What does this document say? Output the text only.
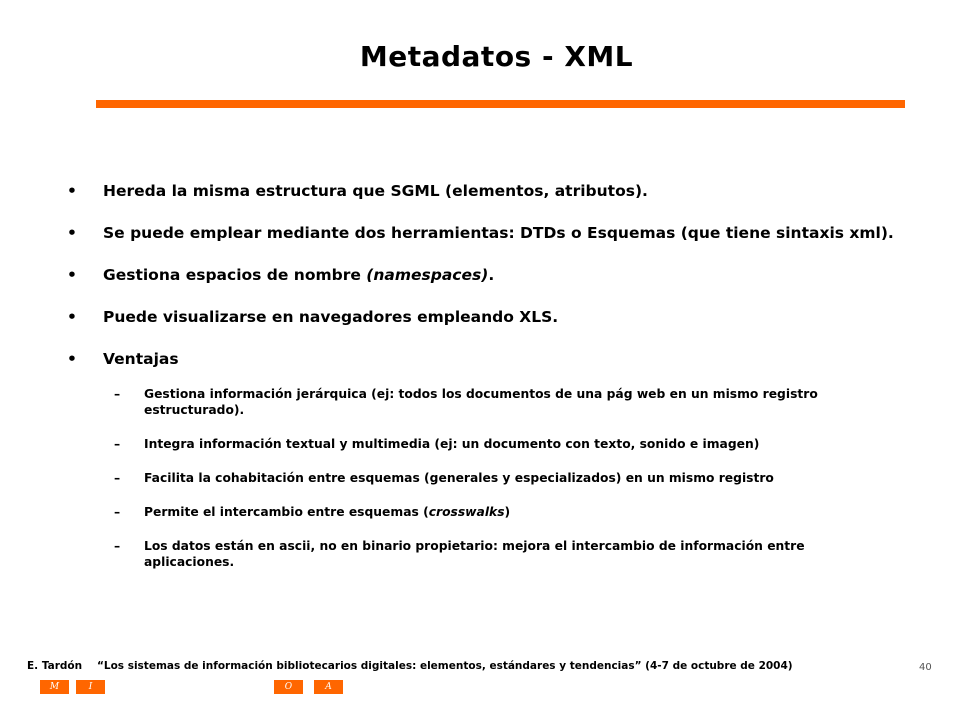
Metadatos - XML
• Hereda la misma estructura que SGML (elementos, atributos).
• Se puede emplear mediante dos herramientas: DTDs o Esquemas (que tiene sintaxis xml).
• Gestiona espacios de nombre (namespaces).
• Puede visualizarse en navegadores empleando XLS.
• Ventajas
– Gestiona información jerárquica (ej: todos los documentos de una pág web en un mismo registro estructurado).
– Integra información textual y multimedia (ej: un documento con texto, sonido e imagen)
– Facilita la cohabitación entre esquemas (generales y especializados) en un mismo registro
– Permite el intercambio entre esquemas (crosswalks)
– Los datos están en ascii, no en binario propietario: mejora el intercambio de información entre aplicaciones.
E. Tardón “Los sistemas de información bibliotecarios digitales: elementos, estándares y tendencias” (4-7 de octubre de 2004)	40
M	I	O	A
